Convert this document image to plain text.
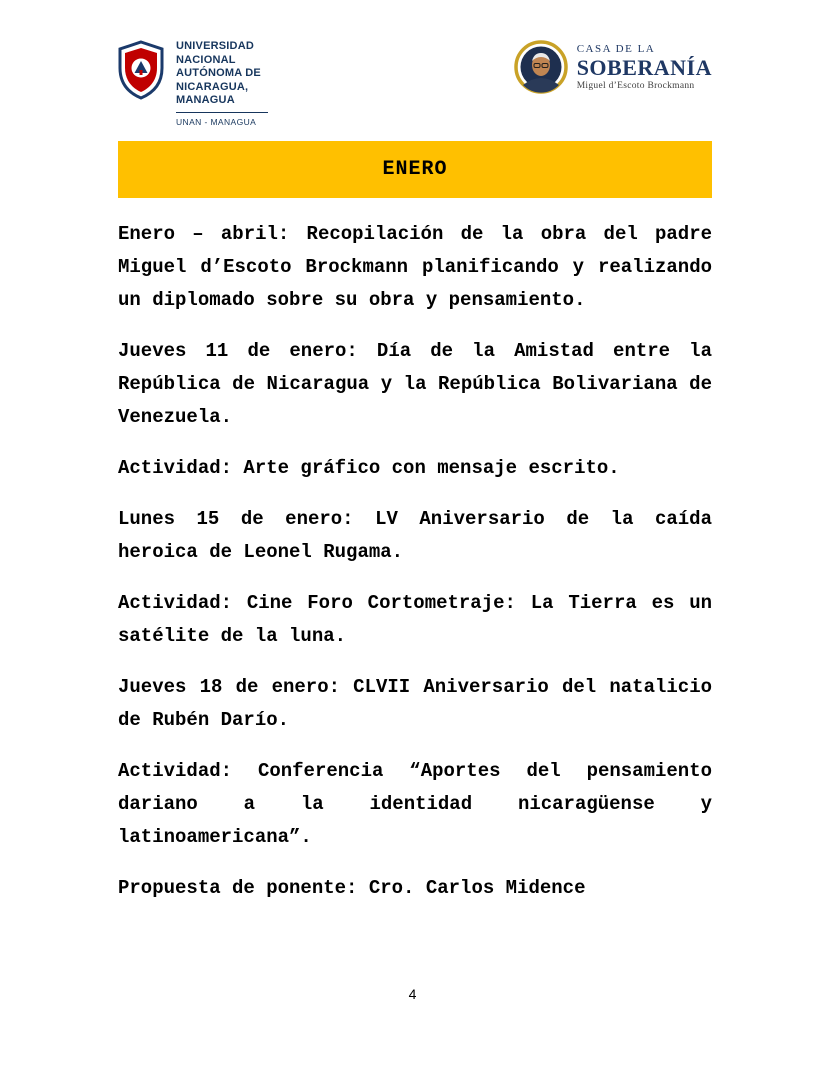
UNIVERSIDAD
NACIONAL
AUTÓNOMA DE
NICARAGUA,
MANAGUA
UNAN - MANAGUA
CASA DE LA
SOBERANÍA
Miguel d’Escoto Brockmann
ENERO

Enero – abril: Recopilación de la obra del padre Miguel d’Escoto Brockmann planificando y realizando un diplomado sobre su obra y pensamiento.

Jueves 11 de enero: Día de la Amistad entre la República de Nicaragua y la República Bolivariana de Venezuela.

Actividad: Arte gráfico con mensaje escrito.

Lunes 15 de enero: LV Aniversario de la caída heroica de Leonel Rugama.

Actividad: Cine Foro Cortometraje: La Tierra es un satélite de la luna.

Jueves 18 de enero: CLVII Aniversario del natalicio de Rubén Darío.

Actividad: Conferencia “Aportes del pensamiento dariano a la identidad nicaragüense y latinoamericana”.

Propuesta de ponente: Cro. Carlos Midence

4
